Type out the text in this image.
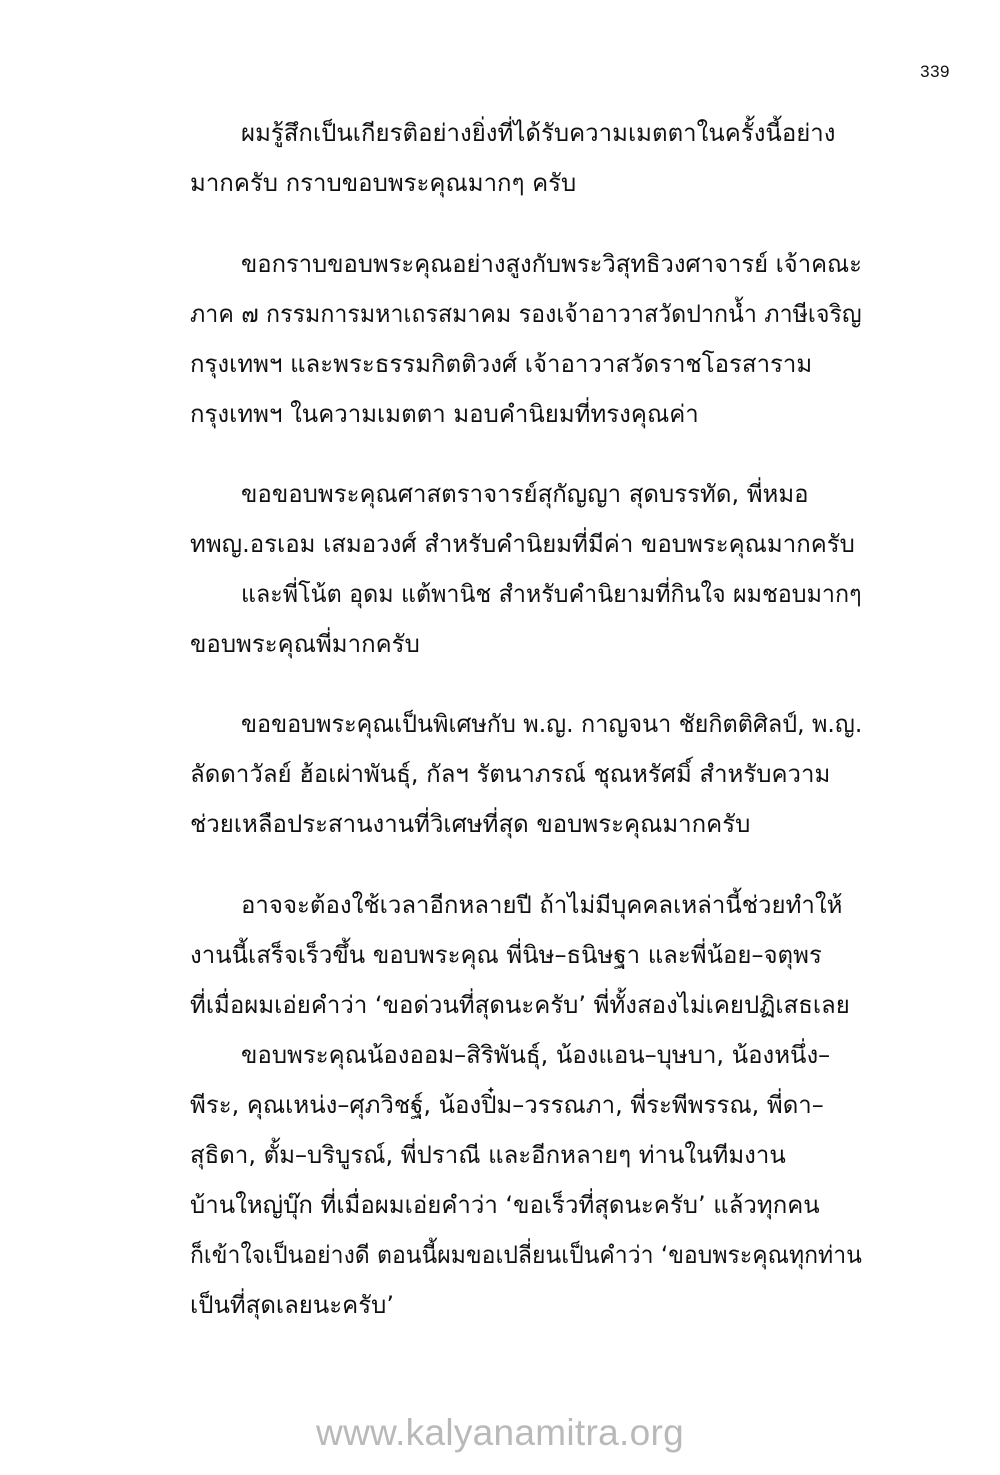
339
ผมรู้สึกเป็นเกียรติอย่างยิ่งที่ได้รับความเมตตาในครั้งนี้อย่าง
มากครับ กราบขอบพระคุณมากๆ ครับ
ขอกราบขอบพระคุณอย่างสูงกับพระวิสุทธิวงศาจารย์ เจ้าคณะ
ภาค ๗ กรรมการมหาเถรสมาคม รองเจ้าอาวาสวัดปากน้ำ ภาษีเจริญ
กรุงเทพฯ และพระธรรมกิตติวงศ์ เจ้าอาวาสวัดราชโอรสาราม
กรุงเทพฯ ในความเมตตา มอบคำนิยมที่ทรงคุณค่า
ขอขอบพระคุณศาสตราจารย์สุกัญญา สุดบรรทัด, พี่หมอ
ทพญ.อรเอม เสมอวงศ์ สำหรับคำนิยมที่มีค่า ขอบพระคุณมากครับ
และพี่โน้ต อุดม แต้พานิช สำหรับคำนิยามที่กินใจ ผมชอบมากๆ
ขอบพระคุณพี่มากครับ
ขอขอบพระคุณเป็นพิเศษกับ พ.ญ. กาญจนา ชัยกิตติศิลป์, พ.ญ.
ลัดดาวัลย์ ฮ้อเผ่าพันธุ์, กัลฯ รัตนาภรณ์ ชุณหรัศมิ์ สำหรับความ
ช่วยเหลือประสานงานที่วิเศษที่สุด ขอบพระคุณมากครับ
อาจจะต้องใช้เวลาอีกหลายปี ถ้าไม่มีบุคคลเหล่านี้ช่วยทำให้
งานนี้เสร็จเร็วขึ้น ขอบพระคุณ พี่นิษ–ธนิษฐา และพี่น้อย–จตุพร
ที่เมื่อผมเอ่ยคำว่า ‘ขอด่วนที่สุดนะครับ’ พี่ทั้งสองไม่เคยปฏิเสธเลย
ขอบพระคุณน้องออม–สิริพันธุ์, น้องแอน–บุษบา, น้องหนึ่ง–
พีระ, คุณเหน่ง–ศุภวิชฐ์, น้องปิ๋ม–วรรณภา, พี่ระพีพรรณ, พี่ดา–
สุธิดา, ตั้ม–บริบูรณ์, พี่ปราณี และอีกหลายๆ ท่านในทีมงาน
บ้านใหญ่บุ๊ก ที่เมื่อผมเอ่ยคำว่า ‘ขอเร็วที่สุดนะครับ’ แล้วทุกคน
ก็เข้าใจเป็นอย่างดี ตอนนี้ผมขอเปลี่ยนเป็นคำว่า ‘ขอบพระคุณทุกท่าน
เป็นที่สุดเลยนะครับ’
www.kalyanamitra.org
